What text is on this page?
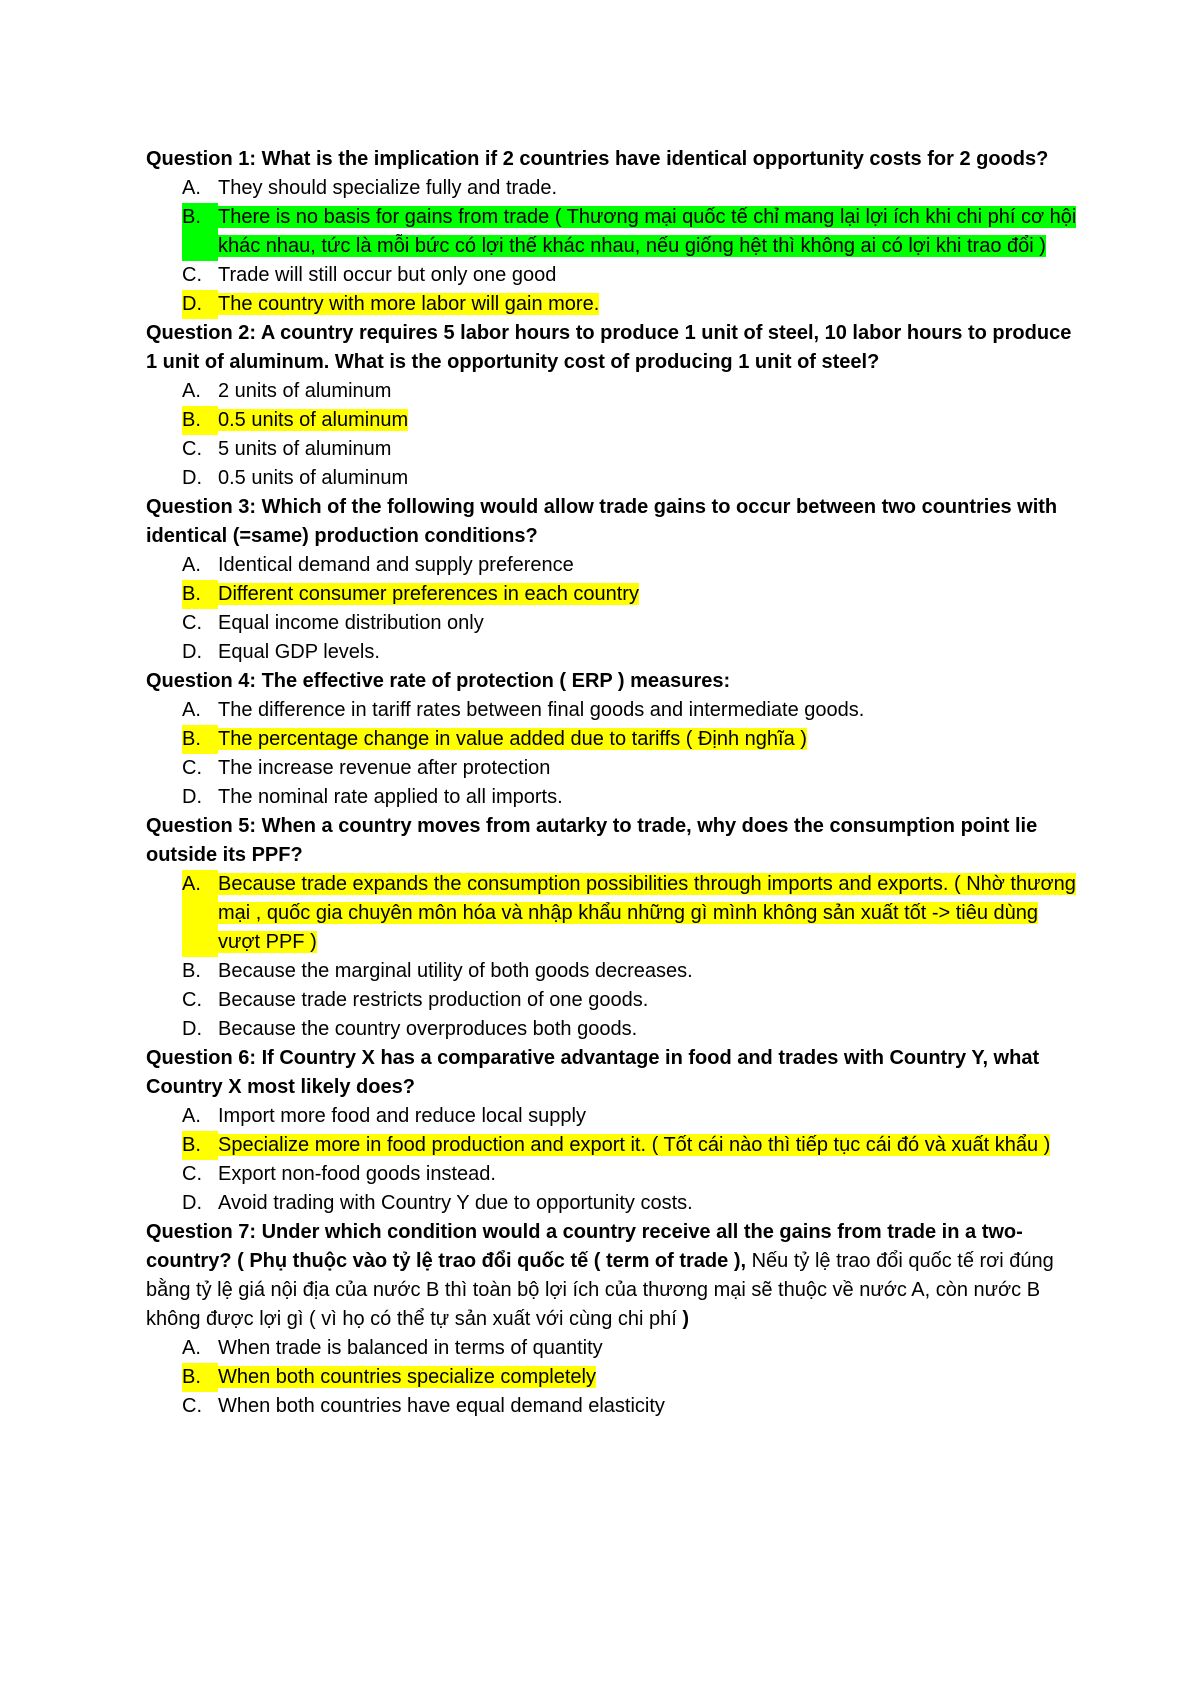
Question 1: What is the implication if 2 countries have identical opportunity costs for 2 goods?

A. They should specialize fully and trade.
B. There is no basis for gains from trade ( Thương mại quốc tế chỉ mang lại lợi ích khi chi phí cơ hội khác nhau, tức là mỗi bức có lợi thế khác nhau, nếu giống hệt thì không ai có lợi khi trao đổi )
C. Trade will still occur but only one good
D. The country with more labor will gain more.

Question 2: A country requires 5 labor hours to produce 1 unit of steel, 10 labor hours to produce 1 unit of aluminum. What is the opportunity cost of producing 1 unit of steel?

A. 2 units of aluminum
B. 0.5 units of aluminum
C. 5 units of aluminum
D. 0.5 units of aluminum

Question 3: Which of the following would allow trade gains to occur between two countries with identical (=same) production conditions?

A. Identical demand and supply preference
B. Different consumer preferences in each country
C. Equal income distribution only
D. Equal GDP levels.

Question 4: The effective rate of protection ( ERP ) measures:

A. The difference in tariff rates between final goods and intermediate goods.
B. The percentage change in value added due to tariffs ( Định nghĩa )
C. The increase revenue after protection
D. The nominal rate applied to all imports.

Question 5: When a country moves from autarky to trade, why does the consumption point lie outside its PPF?

A. Because trade expands the consumption possibilities through imports and exports. ( Nhờ thương mại , quốc gia chuyên môn hóa và nhập khẩu những gì mình không sản xuất tốt -> tiêu dùng vượt PPF )
B. Because the marginal utility of both goods decreases.
C. Because trade restricts production of one goods.
D. Because the country overproduces both goods.

Question 6: If Country X has a comparative advantage in food and trades with Country Y, what Country X most likely does?

A. Import more food and reduce local supply
B. Specialize more in food production and export it. ( Tốt cái nào thì tiếp tục cái đó và xuất khẩu )
C. Export non-food goods instead.
D. Avoid trading with Country Y due to opportunity costs.

Question 7: Under which condition would a country receive all the gains from trade in a two-country? ( Phụ thuộc vào tỷ lệ trao đổi quốc tế ( term of trade ), Nếu tỷ lệ trao đổi quốc tế rơi đúng bằng tỷ lệ giá nội địa của nước B thì toàn bộ lợi ích của thương mại sẽ thuộc về nước A, còn nước B không được lợi gì ( vì họ có thể tự sản xuất với cùng chi phí )

A. When trade is balanced in terms of quantity
B. When both countries specialize completely
C. When both countries have equal demand elasticity
